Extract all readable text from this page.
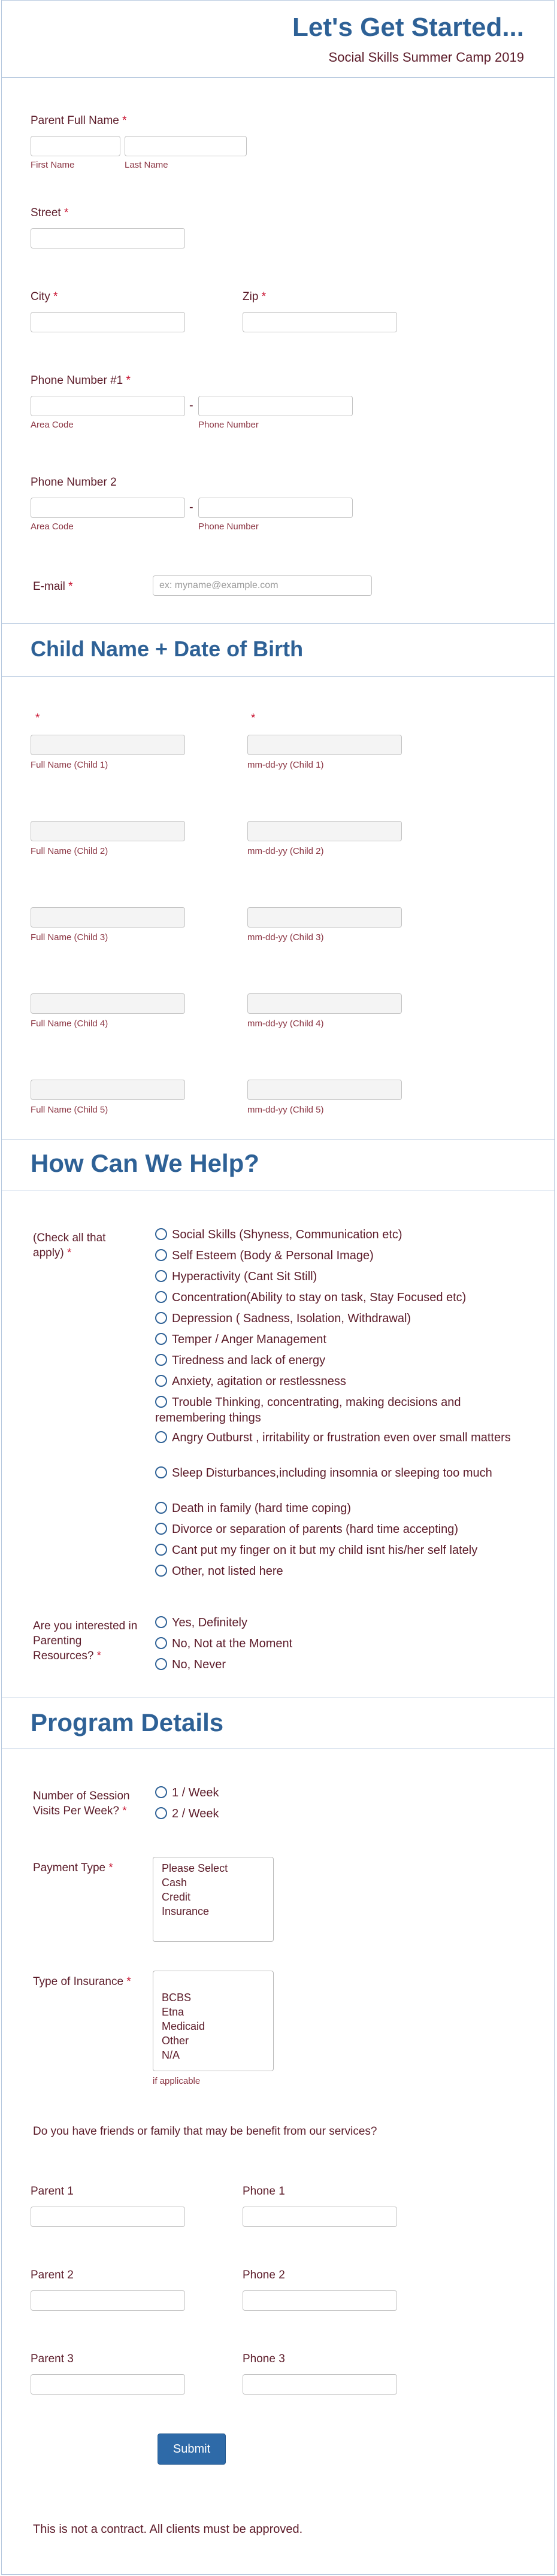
Let's Get Started...
Social Skills Summer Camp 2019
Parent Full Name *
First Name	Last Name
Street *
City *	Zip *
Phone Number #1 *
-
Area Code	Phone Number
Phone Number 2
-
Area Code	Phone Number
E-mail *
ex: myname@example.com
Child Name + Date of Birth
*	*
Full Name (Child 1)	mm-dd-yy (Child 1)
Full Name (Child 2)	mm-dd-yy (Child 2)
Full Name (Child 3)	mm-dd-yy (Child 3)
Full Name (Child 4)	mm-dd-yy (Child 4)
Full Name (Child 5)	mm-dd-yy (Child 5)
How Can We Help?
(Check all that apply) *
Social Skills (Shyness, Communication etc)
Self Esteem (Body & Personal Image)
Hyperactivity (Cant Sit Still)
Concentration(Ability to stay on task, Stay Focused etc)
Depression ( Sadness, Isolation, Withdrawal)
Temper / Anger Management
Tiredness and lack of energy
Anxiety, agitation or restlessness
Trouble Thinking, concentrating, making decisions and remembering things
Angry Outburst , irritability or frustration even over small matters
Sleep Disturbances,including insomnia or sleeping too much
Death in family (hard time coping)
Divorce or separation of parents (hard time accepting)
Cant put my finger on it but my child isnt his/her self lately
Other, not listed here
Are you interested in Parenting Resources? *
Yes, Definitely
No, Not at the Moment
No, Never
Program Details
Number of Session Visits Per Week? *
1 / Week
2 / Week
Payment Type *	Please Select
Cash
Credit
Insurance
Type of Insurance *
BCBS
Etna
Medicaid
Other
N/A
if applicable
Do you have friends or family that may be benefit from our services?
Parent 1	Phone 1
Parent 2	Phone 2
Parent 3	Phone 3
Submit
This is not a contract. All clients must be approved.
